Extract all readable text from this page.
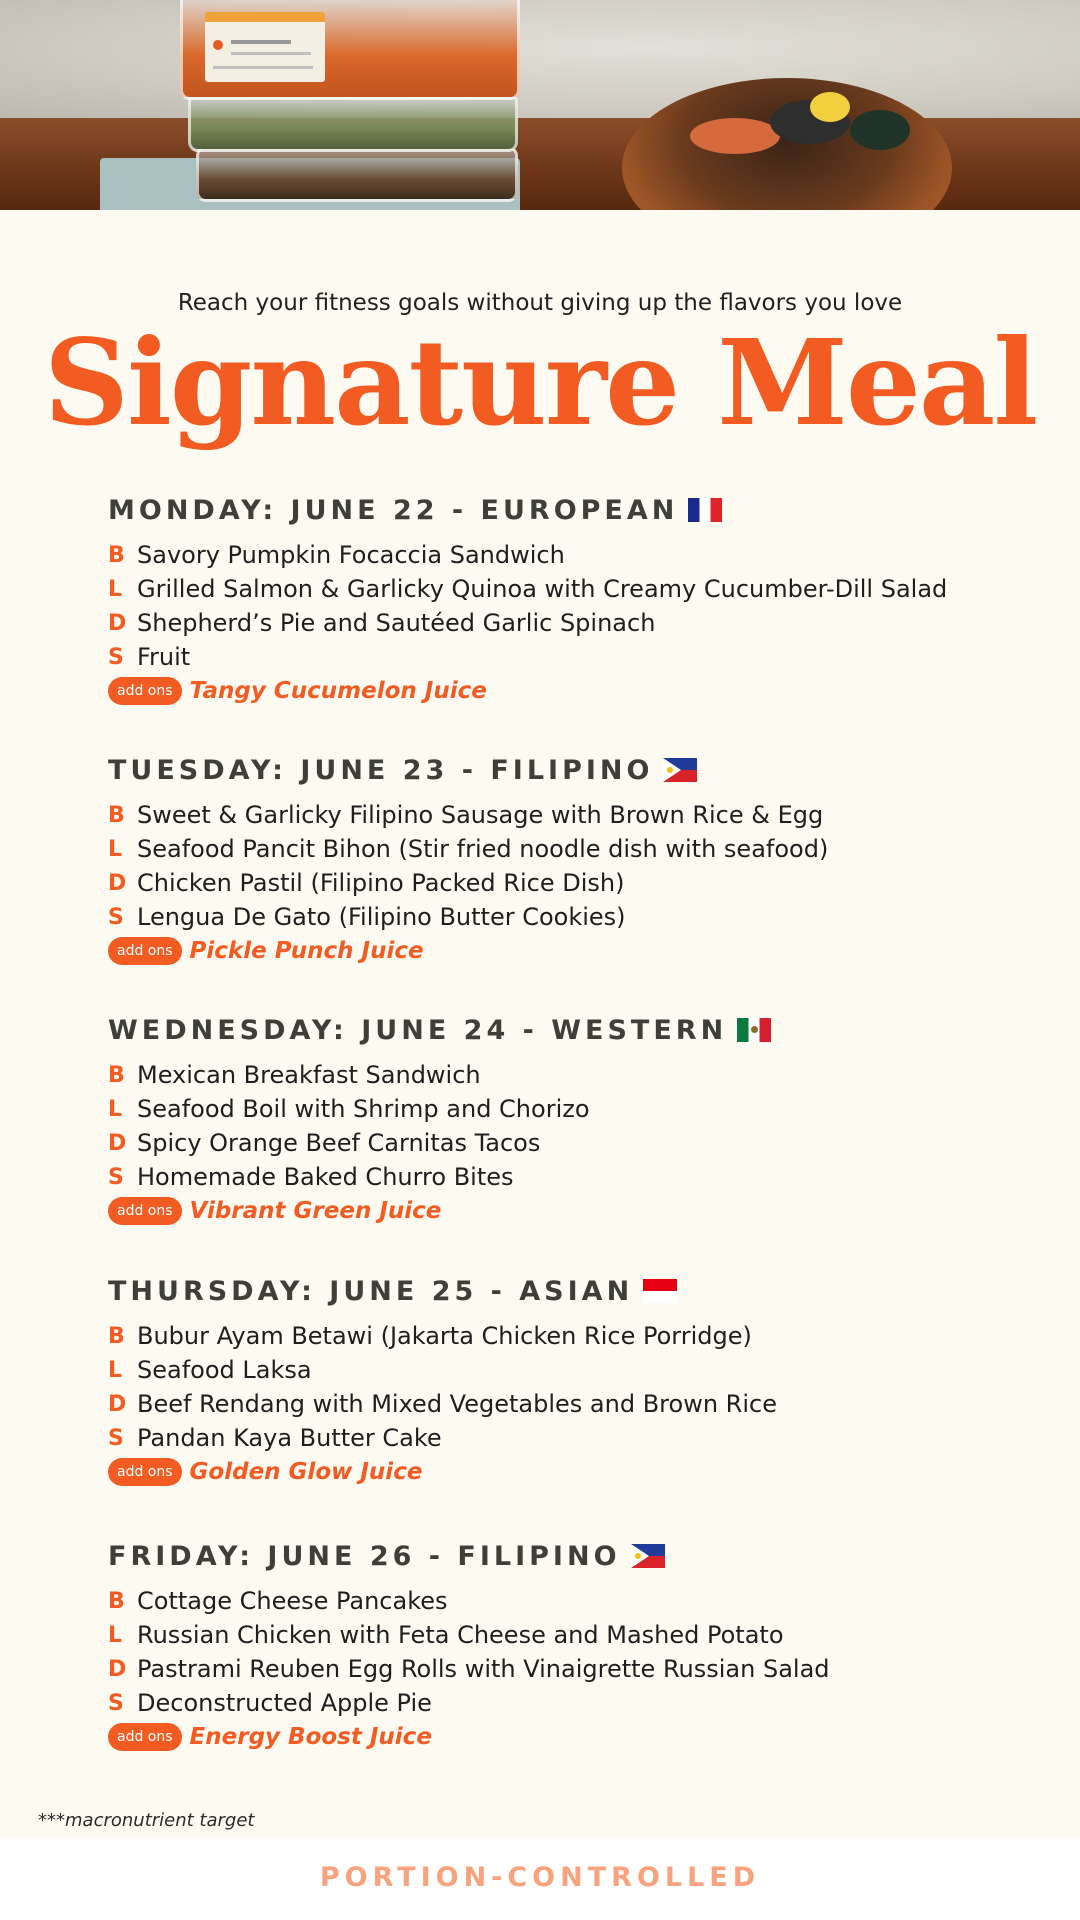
Reach your fitness goals without giving up the flavors you love
Signature Meal
MONDAY: JUNE 22 - EUROPEAN
B Savory Pumpkin Focaccia Sandwich
L Grilled Salmon & Garlicky Quinoa with Creamy Cucumber-Dill Salad
D Shepherd’s Pie and Sautéed Garlic Spinach
S Fruit
add ons Tangy Cucumelon Juice
TUESDAY: JUNE 23 - FILIPINO
B Sweet & Garlicky Filipino Sausage with Brown Rice & Egg
L Seafood Pancit Bihon (Stir fried noodle dish with seafood)
D Chicken Pastil (Filipino Packed Rice Dish)
S Lengua De Gato (Filipino Butter Cookies)
add ons Pickle Punch Juice
WEDNESDAY: JUNE 24 - WESTERN
B Mexican Breakfast Sandwich
L Seafood Boil with Shrimp and Chorizo
D Spicy Orange Beef Carnitas Tacos
S Homemade Baked Churro Bites
add ons Vibrant Green Juice
THURSDAY: JUNE 25 - ASIAN
B Bubur Ayam Betawi (Jakarta Chicken Rice Porridge)
L Seafood Laksa
D Beef Rendang with Mixed Vegetables and Brown Rice
S Pandan Kaya Butter Cake
add ons Golden Glow Juice
FRIDAY: JUNE 26 - FILIPINO
B Cottage Cheese Pancakes
L Russian Chicken with Feta Cheese and Mashed Potato
D Pastrami Reuben Egg Rolls with Vinaigrette Russian Salad
S Deconstructed Apple Pie
add ons Energy Boost Juice
***macronutrient target
PORTION-CONTROLLED
